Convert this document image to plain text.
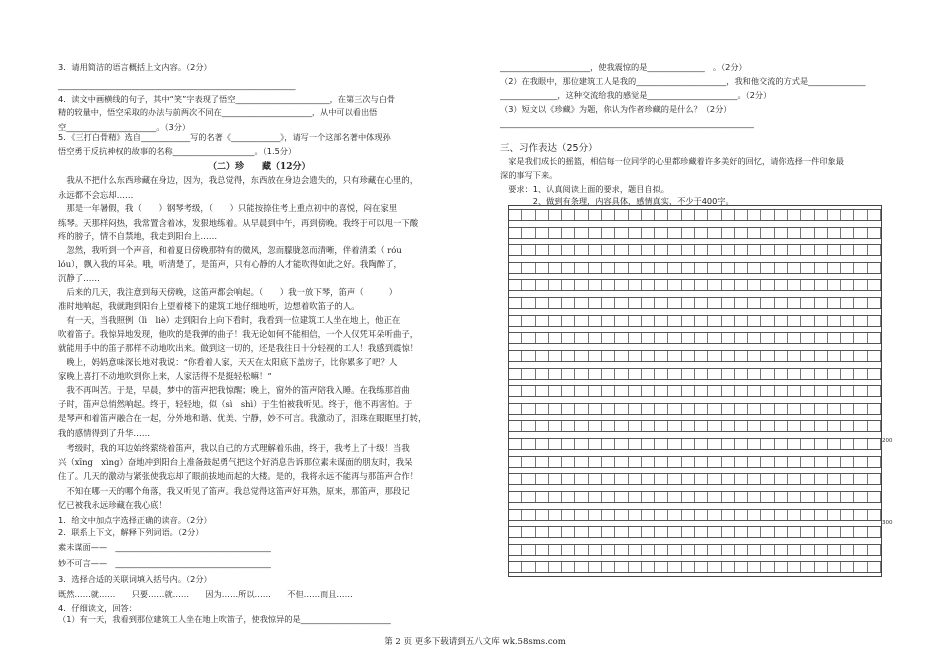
3．请用简洁的语言概括上文内容。（2分）
__________________________________________________________
4．读文中画横线的句子，其中“笑”字表现了悟空_______________________，在第三次与白骨
精的较量中，悟空采取的办法与前两次不同在______________________，从中可以看出悟
空______________________。（3分）
5．《三打白骨精》选自____________写的名著《____________》，请写一个这部名著中体现孙
悟空勇于反抗神权的故事的名称____________________。（1.5分）
（二）珍　　藏（12分）
　我从不把什么东西珍藏在身边，因为，我总觉得，东西放在身边会遗失的，只有珍藏在心里的，
永远都不会忘却……
　那是一年暑假，我（　　）钢琴考级，（　　）只能按捺住考上重点初中的喜悦，闷在家里
练琴。天那样闷热，我常置含着冰，发狠地练着。从早晨到中午，再到傍晚。我终于可以甩一下酸
疼的膀子，情不自禁地，我走到阳台上……
　忽然，我听到一个声音，和着夏日傍晚那特有的微风，忽而朦胧忽而清晰，伴着清柔（ róu
lóu），飘入我的耳朵。哦，听清楚了，是笛声，只有心静的人才能吹得如此之好。我陶醉了，
沉静了……
　后来的几天，我注意到每天傍晚，这笛声都会响起。（　　）我一放下琴，笛声（　　　）
准时地响起，我就跑到阳台上望着楼下的建筑工地仔细地听，边想着吹笛子的人。
　有一天，当我照例（lì　liè）走到阳台上向下看时，我看到一位建筑工人坐在地上，他正在
吹着笛子。我惊异地发现，他吹的是我弹的曲子！我无论如何不能相信，一个人仅凭耳朵听曲子，
就能用手中的笛子那样不动地吹出来。做到这一切的，还是我往日十分轻视的工人！我感到震惊！
　晚上，妈妈意味深长地对我说：“你看着人家，天天在太阳底下盖房子，比你累多了吧？人
家晚上喜打不动地吹到你上来，人家活得不是挺轻松嘛！”
　我不再叫苦。于是，早晨，梦中的笛声把我惊醒；晚上，窗外的笛声陪我入睡。在我练那首曲
子时，笛声总悄然响起。终于，轻轻地，似（sì　shì）于生怕被我听见。终于，他不再害怕。于
是琴声和着笛声融合在一起，分外地和谐、优美、宁静，妙不可言。我激动了，泪珠在眼眶里打转，
我的感情得到了升华……
　考级时，我的耳边始终萦绕着笛声，我以自己的方式理解着乐曲，终于，我考上了十级！当我
兴（xīng　xìng）奋地冲到阳台上准备鼓起勇气把这个好消息告诉那位素未谋面的朋友时，我呆
住了。几天的激动与紧张使我忘却了眼前拔地而起的大楼。是的，我将永远不能再与那笛声合作！
　不知在哪一天的哪个角落，我又听见了笛声。我总觉得这笛声好耳熟，原来，那笛声，那段记
忆已被我永远珍藏在我心底！
1．给文中加点字选择正确的读音。（2分）
2．联系上下文，解释下列词语。（2分）
素未谋面——　______________________________________
妙不可言——　______________________________________
3．选择合适的关联词填入括号内。（2分）
既然……就……　　只要……就……　　因为……所以……　　不但……而且……
4．仔细读文，回答：
（1）有一天，我看到那位建筑工人坐在地上吹笛子，使我惊异的是______________________
______________________，使我震惊的是______________　。（2分）
（2）在我眼中，那位建筑工人是我的______________________，我和他交流的方式是______________
______________，这种交流给我的感觉是______________________。（2分）
（3）短文以《珍藏》为题，你认为作者珍藏的是什么？（2分）
______________________________________________________________
三、习作表达（25分）
　家是我们成长的摇篮，相信每一位同学的心里都珍藏着许多美好的回忆，请你选择一件印象最
深的事写下来。
　要求：1、认真阅读上面的要求，题目自拟。
　　　　2、做到有条理，内容具体，感情真实，不少于400字。
200
300
第 2 页 更多下载请到五八文库 wk.58sms.com
